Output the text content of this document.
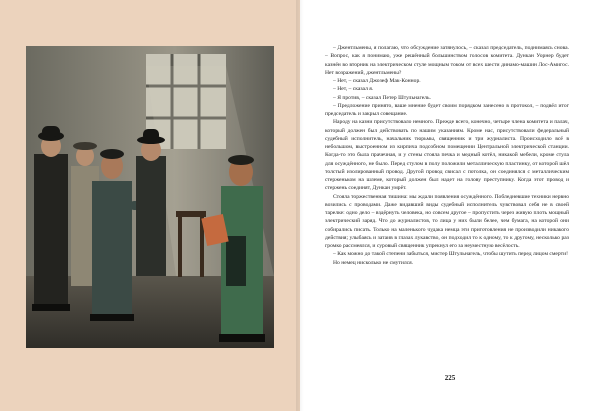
– Джентльмены, я полагаю, что обсуждение затянулось, – сказал председатель, поднимаясь снова. – Вопрос, как я понимаю, уже решённый большинством голосов комитета. Дункан Уорнер будет казнён во вторник на электрическом стуле мощным током от всех шести динамо-машин Лос-Амигос. Нет возражений, джентльмены?

– Нет, – сказал Джозеф Мак-Коннор.

– Нет, – сказал я.

– Я против, – сказал Петер Штульнагель.

– Предложение принято, ваше мнение будет своим порядком занесено в протокол, – подвёл итог председатель и закрыл совещание.

Народу на казни присутствовало немного. Прежде всего, конечно, четыре члена комитета и палач, который должен был действовать по нашим указаниям. Кроме нас, присутствовали федеральный судебный исполнитель, начальник тюрьмы, священник и три журналиста. Происходило всё в небольшом, выстроенном из кирпича подсобном помещении Центральной электрической станции. Когда-то это была прачечная, и у стены стояла печка и медный котёл, никакой мебели, кроме стула для осуждённого, не было. Перед стулом в полу положили металлическую пластинку, от которой шёл толстый изолированный провод. Другой провод свисал с потолка, он соединялся с металлическим стерженьком на шлеме, который должен был надет на голову преступнику. Когда этот провод и стержень соединят, Дункан умрёт.

Стояла торжественная тишина: мы ждали появления осуждённого. Побледневшие техники нервно возились с проводами. Даже видавший виды судебный исполнитель чувствовал себя не в своей тарелке: одно дело – вздёрнуть человека, но совсем другое – пропустить через живую плоть мощный электрический заряд. Что до журналистов, то лица у них были белее, чем бумага, на которой они собирались писать. Только на маленького чудака немца эти приготовления не производили никакого действия; улыбаясь и затаив в глазах лукавство, он подходил то к одному, то к другому, несколько раз громко рассмеялся, и суровый священник упрекнул его за неуместную весёлость.

– Как можно до такой степени забыться, мистер Штульнагель, чтобы шутить перед лицом смерти!

Но немец нисколько не смутился.

225
